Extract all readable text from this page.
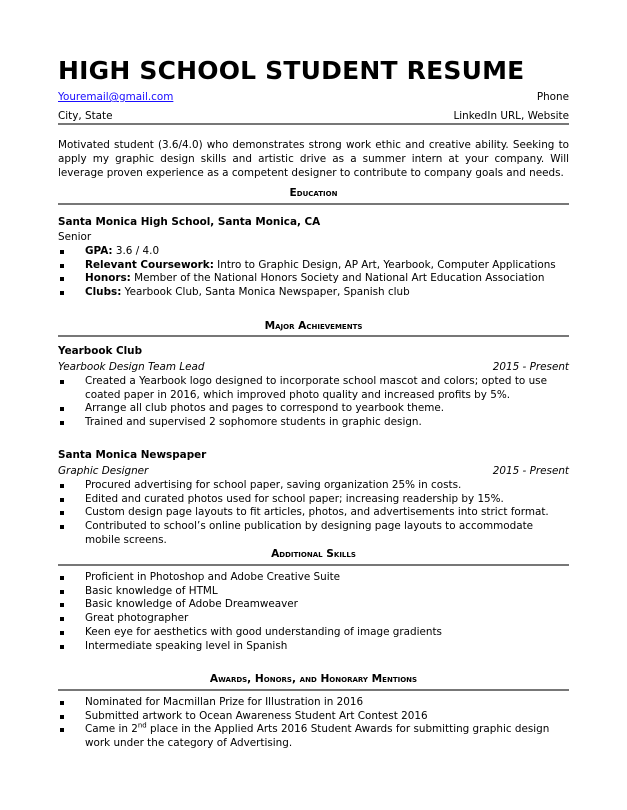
HIGH SCHOOL STUDENT RESUME
Youremail@gmail.com	Phone
City, State	LinkedIn URL, Website
Motivated student (3.6/4.0) who demonstrates strong work ethic and creative ability. Seeking to apply my graphic design skills and artistic drive as a summer intern at your company. Will leverage proven experience as a competent designer to contribute to company goals and needs.
Education
Santa Monica High School, Santa Monica, CA
Senior
GPA: 3.6 / 4.0
Relevant Coursework: Intro to Graphic Design, AP Art, Yearbook, Computer Applications
Honors: Member of the National Honors Society and National Art Education Association
Clubs: Yearbook Club, Santa Monica Newspaper, Spanish club
Major Achievements
Yearbook Club
Yearbook Design Team Lead	2015 - Present
Created a Yearbook logo designed to incorporate school mascot and colors; opted to use coated paper in 2016, which improved photo quality and increased profits by 5%.
Arrange all club photos and pages to correspond to yearbook theme.
Trained and supervised 2 sophomore students in graphic design.
Santa Monica Newspaper
Graphic Designer	2015 - Present
Procured advertising for school paper, saving organization 25% in costs.
Edited and curated photos used for school paper; increasing readership by 15%.
Custom design page layouts to fit articles, photos, and advertisements into strict format.
Contributed to school’s online publication by designing page layouts to accommodate mobile screens.
Additional Skills
Proficient in Photoshop and Adobe Creative Suite
Basic knowledge of HTML
Basic knowledge of Adobe Dreamweaver
Great photographer
Keen eye for aesthetics with good understanding of image gradients
Intermediate speaking level in Spanish
Awards, Honors, and Honorary Mentions
Nominated for Macmillan Prize for Illustration in 2016
Submitted artwork to Ocean Awareness Student Art Contest 2016
Came in 2nd place in the Applied Arts 2016 Student Awards for submitting graphic design work under the category of Advertising.
